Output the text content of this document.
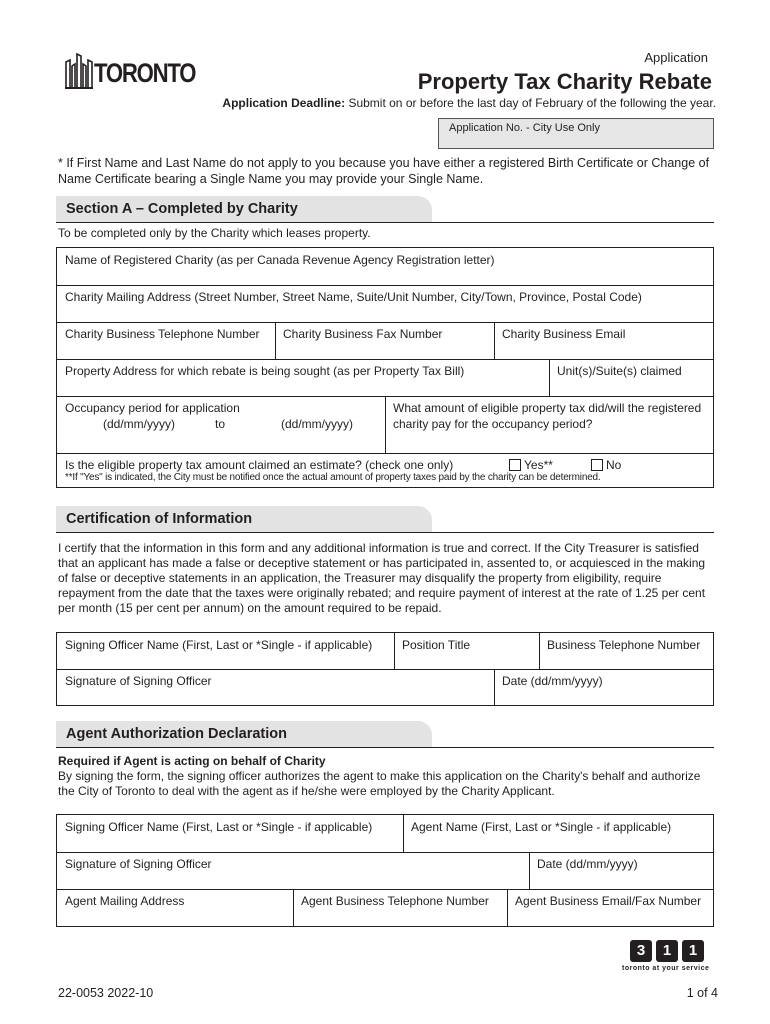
TORONTO
Application
Property Tax Charity Rebate
Application Deadline: Submit on or before the last day of February of the following the year.
Application No. - City Use Only
* If First Name and Last Name do not apply to you because you have either a registered Birth Certificate or Change of Name Certificate bearing a Single Name you may provide your Single Name.
Section A – Completed by Charity
To be completed only by the Charity which leases property.
Name of Registered Charity (as per Canada Revenue Agency Registration letter)
Charity Mailing Address (Street Number, Street Name, Suite/Unit Number, City/Town, Province, Postal Code)
Charity Business Telephone Number	Charity Business Fax Number	Charity Business Email
Property Address for which rebate is being sought (as per Property Tax Bill)	Unit(s)/Suite(s) claimed
Occupancy period for application
(dd/mm/yyyy)	to	(dd/mm/yyyy)
What amount of eligible property tax did/will the registered charity pay for the occupancy period?
Is the eligible property tax amount claimed an estimate? (check one only)	Yes**	No
**If "Yes" is indicated, the City must be notified once the actual amount of property taxes paid by the charity can be determined.
Certification of Information
I certify that the information in this form and any additional information is true and correct. If the City Treasurer is satisfied that an applicant has made a false or deceptive statement or has participated in, assented to, or acquiesced in the making of false or deceptive statements in an application, the Treasurer may disqualify the property from eligibility, require repayment from the date that the taxes were originally rebated; and require payment of interest at the rate of 1.25 per cent per month (15 per cent per annum) on the amount required to be repaid.
Signing Officer Name (First, Last or *Single - if applicable)	Position Title	Business Telephone Number
Signature of Signing Officer	Date (dd/mm/yyyy)
Agent Authorization Declaration
Required if Agent is acting on behalf of Charity
By signing the form, the signing officer authorizes the agent to make this application on the Charity's behalf and authorize the City of Toronto to deal with the agent as if he/she were employed by the Charity Applicant.
Signing Officer Name (First, Last or *Single - if applicable)	Agent Name (First, Last or *Single - if applicable)
Signature of Signing Officer	Date (dd/mm/yyyy)
Agent Mailing Address	Agent Business Telephone Number	Agent Business Email/Fax Number
3	1	1
toronto at your service
22-0053 2022-10	1 of 4
